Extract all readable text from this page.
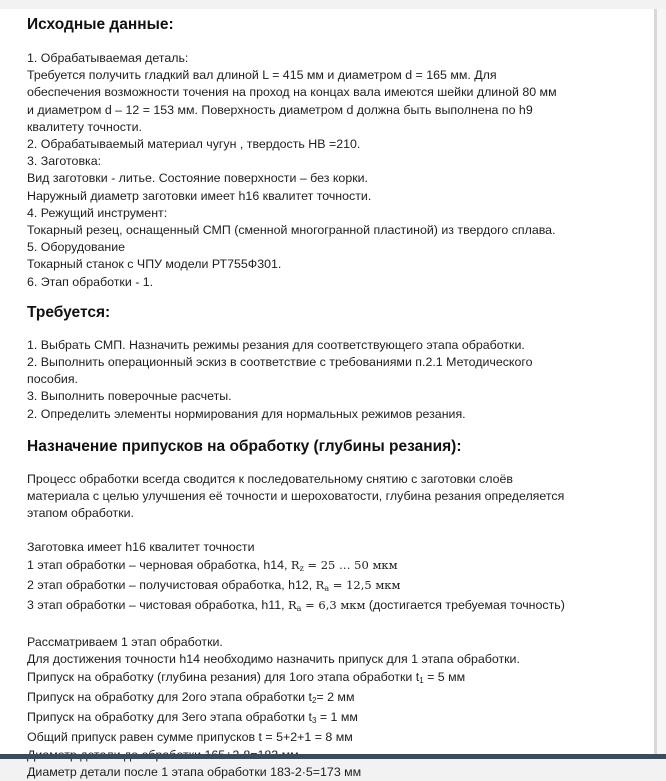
Исходные данные:

1. Обрабатываемая деталь:

Требуется получить гладкий вал длиной L = 415 мм и диаметром d = 165 мм. Для

обеспечения возможности точения на проход на концах вала имеются шейки длиной 80 мм

и диаметром d – 12 = 153 мм. Поверхность диаметром d должна быть выполнена по h9

квалитету точности.

2. Обрабатываемый материал чугун , твердость НВ =210.

3. Заготовка:

Вид заготовки - литье. Состояние поверхности – без корки.

Наружный диаметр заготовки имеет h16 квалитет точности.

4. Режущий инструмент:

Токарный резец, оснащенный СМП (сменной многогранной пластиной) из твердого сплава.

5. Оборудование

Токарный станок с ЧПУ модели РТ755Ф301.

6. Этап обработки - 1.

Требуется:

1. Выбрать СМП. Назначить режимы резания для соответствующего этапа обработки.

2. Выполнить операционный эскиз в соответствие с требованиями п.2.1 Методического

пособия.

3. Выполнить поверочные расчеты.

2. Определить элементы нормирования для нормальных режимов резания.

Назначение припусков на обработку (глубины резания):

Процесс обработки всегда сводится к последовательному снятию с заготовки слоёв

материала с целью улучшения её точности и шероховатости, глубина резания определяется

этапом обработки.

Заготовка имеет h16 квалитет точности

1 этап обработки – черновая обработка, h14, $R_z = 25$ … 50 мкм

2 этап обработки – получистовая обработка, h12, $R_a = 12,5$ мкм

3 этап обработки – чистовая обработка, h11, $R_a = 6,3$ мкм (достигается требуемая точность)

Рассматриваем 1 этап обработки.

Для достижения точности h14 необходимо назначить припуск для 1 этапа обработки.

Припуск на обработку (глубина резания) для 1ого этапа обработки $t_1 = 5$ мм

Припуск на обработку для 2ого этапа обработки $t_2= 2$ мм

Припуск на обработку для 3его этапа обработки $t_3 = 1$ мм

Общий припуск равен сумме припусков t = 5+2+1 = 8 мм

Диаметр детали после 1 этапа обработки 183-2·5=173 мм
